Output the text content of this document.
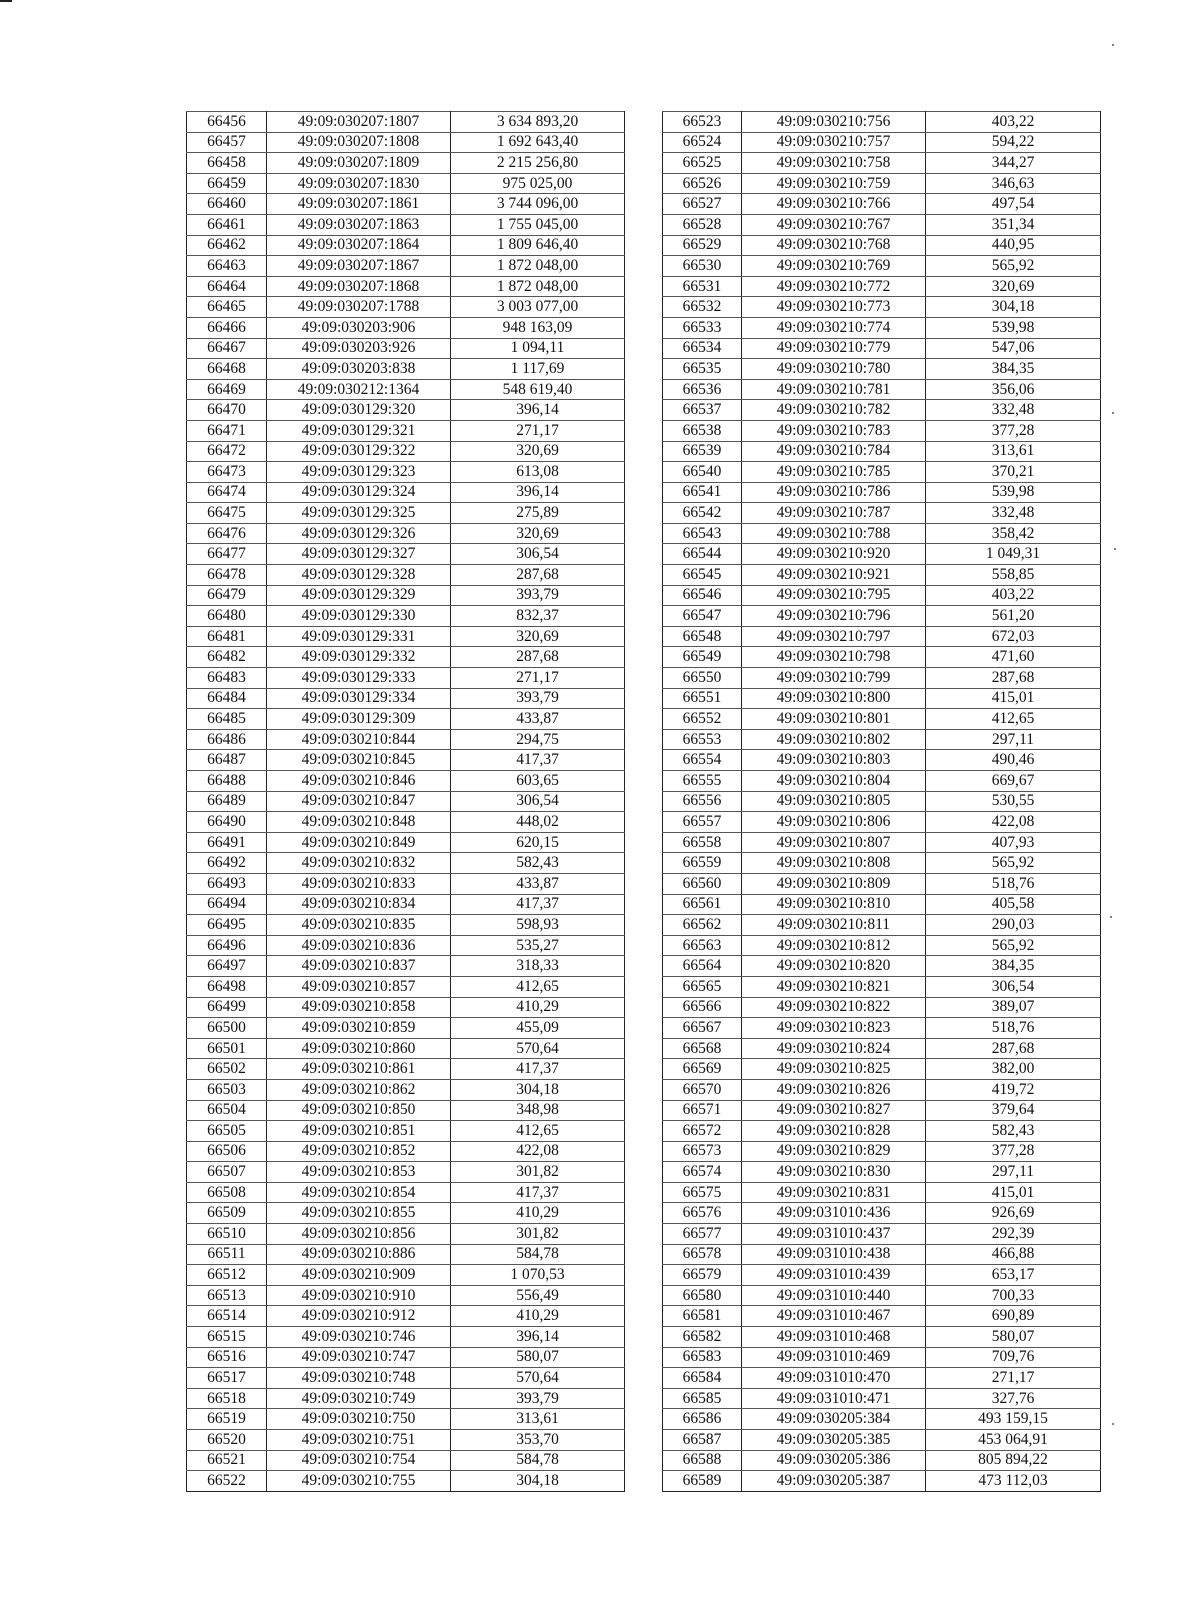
66456	49:09:030207:1807	3 634 893,20
66457	49:09:030207:1808	1 692 643,40
66458	49:09:030207:1809	2 215 256,80
66459	49:09:030207:1830	975 025,00
66460	49:09:030207:1861	3 744 096,00
66461	49:09:030207:1863	1 755 045,00
66462	49:09:030207:1864	1 809 646,40
66463	49:09:030207:1867	1 872 048,00
66464	49:09:030207:1868	1 872 048,00
66465	49:09:030207:1788	3 003 077,00
66466	49:09:030203:906	948 163,09
66467	49:09:030203:926	1 094,11
66468	49:09:030203:838	1 117,69
66469	49:09:030212:1364	548 619,40
66470	49:09:030129:320	396,14
66471	49:09:030129:321	271,17
66472	49:09:030129:322	320,69
66473	49:09:030129:323	613,08
66474	49:09:030129:324	396,14
66475	49:09:030129:325	275,89
66476	49:09:030129:326	320,69
66477	49:09:030129:327	306,54
66478	49:09:030129:328	287,68
66479	49:09:030129:329	393,79
66480	49:09:030129:330	832,37
66481	49:09:030129:331	320,69
66482	49:09:030129:332	287,68
66483	49:09:030129:333	271,17
66484	49:09:030129:334	393,79
66485	49:09:030129:309	433,87
66486	49:09:030210:844	294,75
66487	49:09:030210:845	417,37
66488	49:09:030210:846	603,65
66489	49:09:030210:847	306,54
66490	49:09:030210:848	448,02
66491	49:09:030210:849	620,15
66492	49:09:030210:832	582,43
66493	49:09:030210:833	433,87
66494	49:09:030210:834	417,37
66495	49:09:030210:835	598,93
66496	49:09:030210:836	535,27
66497	49:09:030210:837	318,33
66498	49:09:030210:857	412,65
66499	49:09:030210:858	410,29
66500	49:09:030210:859	455,09
66501	49:09:030210:860	570,64
66502	49:09:030210:861	417,37
66503	49:09:030210:862	304,18
66504	49:09:030210:850	348,98
66505	49:09:030210:851	412,65
66506	49:09:030210:852	422,08
66507	49:09:030210:853	301,82
66508	49:09:030210:854	417,37
66509	49:09:030210:855	410,29
66510	49:09:030210:856	301,82
66511	49:09:030210:886	584,78
66512	49:09:030210:909	1 070,53
66513	49:09:030210:910	556,49
66514	49:09:030210:912	410,29
66515	49:09:030210:746	396,14
66516	49:09:030210:747	580,07
66517	49:09:030210:748	570,64
66518	49:09:030210:749	393,79
66519	49:09:030210:750	313,61
66520	49:09:030210:751	353,70
66521	49:09:030210:754	584,78
66522	49:09:030210:755	304,18
66523	49:09:030210:756	403,22
66524	49:09:030210:757	594,22
66525	49:09:030210:758	344,27
66526	49:09:030210:759	346,63
66527	49:09:030210:766	497,54
66528	49:09:030210:767	351,34
66529	49:09:030210:768	440,95
66530	49:09:030210:769	565,92
66531	49:09:030210:772	320,69
66532	49:09:030210:773	304,18
66533	49:09:030210:774	539,98
66534	49:09:030210:779	547,06
66535	49:09:030210:780	384,35
66536	49:09:030210:781	356,06
66537	49:09:030210:782	332,48
66538	49:09:030210:783	377,28
66539	49:09:030210:784	313,61
66540	49:09:030210:785	370,21
66541	49:09:030210:786	539,98
66542	49:09:030210:787	332,48
66543	49:09:030210:788	358,42
66544	49:09:030210:920	1 049,31
66545	49:09:030210:921	558,85
66546	49:09:030210:795	403,22
66547	49:09:030210:796	561,20
66548	49:09:030210:797	672,03
66549	49:09:030210:798	471,60
66550	49:09:030210:799	287,68
66551	49:09:030210:800	415,01
66552	49:09:030210:801	412,65
66553	49:09:030210:802	297,11
66554	49:09:030210:803	490,46
66555	49:09:030210:804	669,67
66556	49:09:030210:805	530,55
66557	49:09:030210:806	422,08
66558	49:09:030210:807	407,93
66559	49:09:030210:808	565,92
66560	49:09:030210:809	518,76
66561	49:09:030210:810	405,58
66562	49:09:030210:811	290,03
66563	49:09:030210:812	565,92
66564	49:09:030210:820	384,35
66565	49:09:030210:821	306,54
66566	49:09:030210:822	389,07
66567	49:09:030210:823	518,76
66568	49:09:030210:824	287,68
66569	49:09:030210:825	382,00
66570	49:09:030210:826	419,72
66571	49:09:030210:827	379,64
66572	49:09:030210:828	582,43
66573	49:09:030210:829	377,28
66574	49:09:030210:830	297,11
66575	49:09:030210:831	415,01
66576	49:09:031010:436	926,69
66577	49:09:031010:437	292,39
66578	49:09:031010:438	466,88
66579	49:09:031010:439	653,17
66580	49:09:031010:440	700,33
66581	49:09:031010:467	690,89
66582	49:09:031010:468	580,07
66583	49:09:031010:469	709,76
66584	49:09:031010:470	271,17
66585	49:09:031010:471	327,76
66586	49:09:030205:384	493 159,15
66587	49:09:030205:385	453 064,91
66588	49:09:030205:386	805 894,22
66589	49:09:030205:387	473 112,03
